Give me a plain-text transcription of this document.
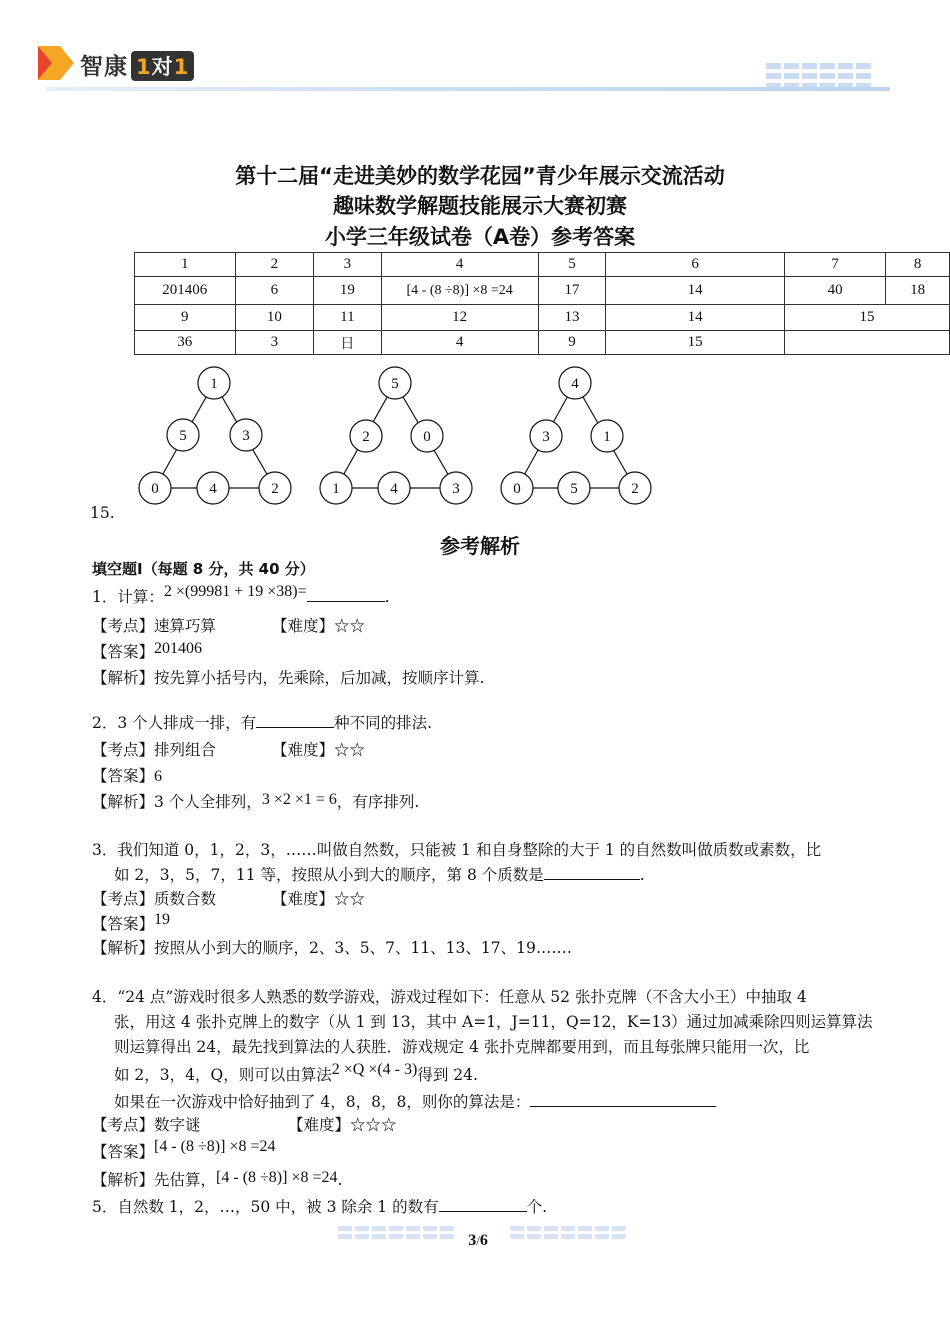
智康 1对1
第十二届“走进美妙的数学花园”青少年展示交流活动
趣味数学解题技能展示大赛初赛
小学三年级试卷（A卷）参考答案
1	2	3	4	5	6	7	8
201406	6	19	[4 - (8 ÷8)] ×8 =24	17	14	40	18
9	10	11	12	13	14	15	
36	3	日	4	9	15		
1
5	3
0	4	2
5
2	0
1	4	3
4
3	1
0	5	2
15.
参考解析
填空题Ⅰ（每题 8 分，共 40 分）
1．计算：2 ×(99981 + 19 ×38)=	.
【考点】速算巧算	【难度】☆☆
【答案】201406
【解析】按先算小括号内，先乘除，后加减，按顺序计算.
2．3 个人排成一排，有	种不同的排法.
【考点】排列组合	【难度】☆☆
【答案】6
【解析】3 个人全排列，3 ×2 ×1 = 6，有序排列.
3．我们知道 0，1，2，3，……叫做自然数，只能被 1 和自身整除的大于 1 的自然数叫做质数或素数，比
如 2，3，5，7，11 等，按照从小到大的顺序，第 8 个质数是	.
【考点】质数合数	【难度】☆☆
【答案】19
【解析】按照从小到大的顺序，2、3、5、7、11、13、17、19…….
4．“24 点”游戏时很多人熟悉的数学游戏，游戏过程如下：任意从 52 张扑克牌（不含大小王）中抽取 4
张，用这 4 张扑克牌上的数字（从 1 到 13，其中 A=1，J=11，Q=12，K=13）通过加减乘除四则运算算法
则运算得出 24，最先找到算法的人获胜．游戏规定 4 张扑克牌都要用到，而且每张牌只能用一次，比
如 2，3，4，Q，则可以由算法2 ×Q ×(4 - 3)得到 24.
如果在一次游戏中恰好抽到了 4，8，8，8，则你的算法是：
【考点】数字谜	【难度】☆☆☆
【答案】[4 - (8 ÷8)] ×8 =24
【解析】先估算，[4 - (8 ÷8)] ×8 =24.
5．自然数 1，2，…，50 中，被 3 除余 1 的数有	个.
3/6
